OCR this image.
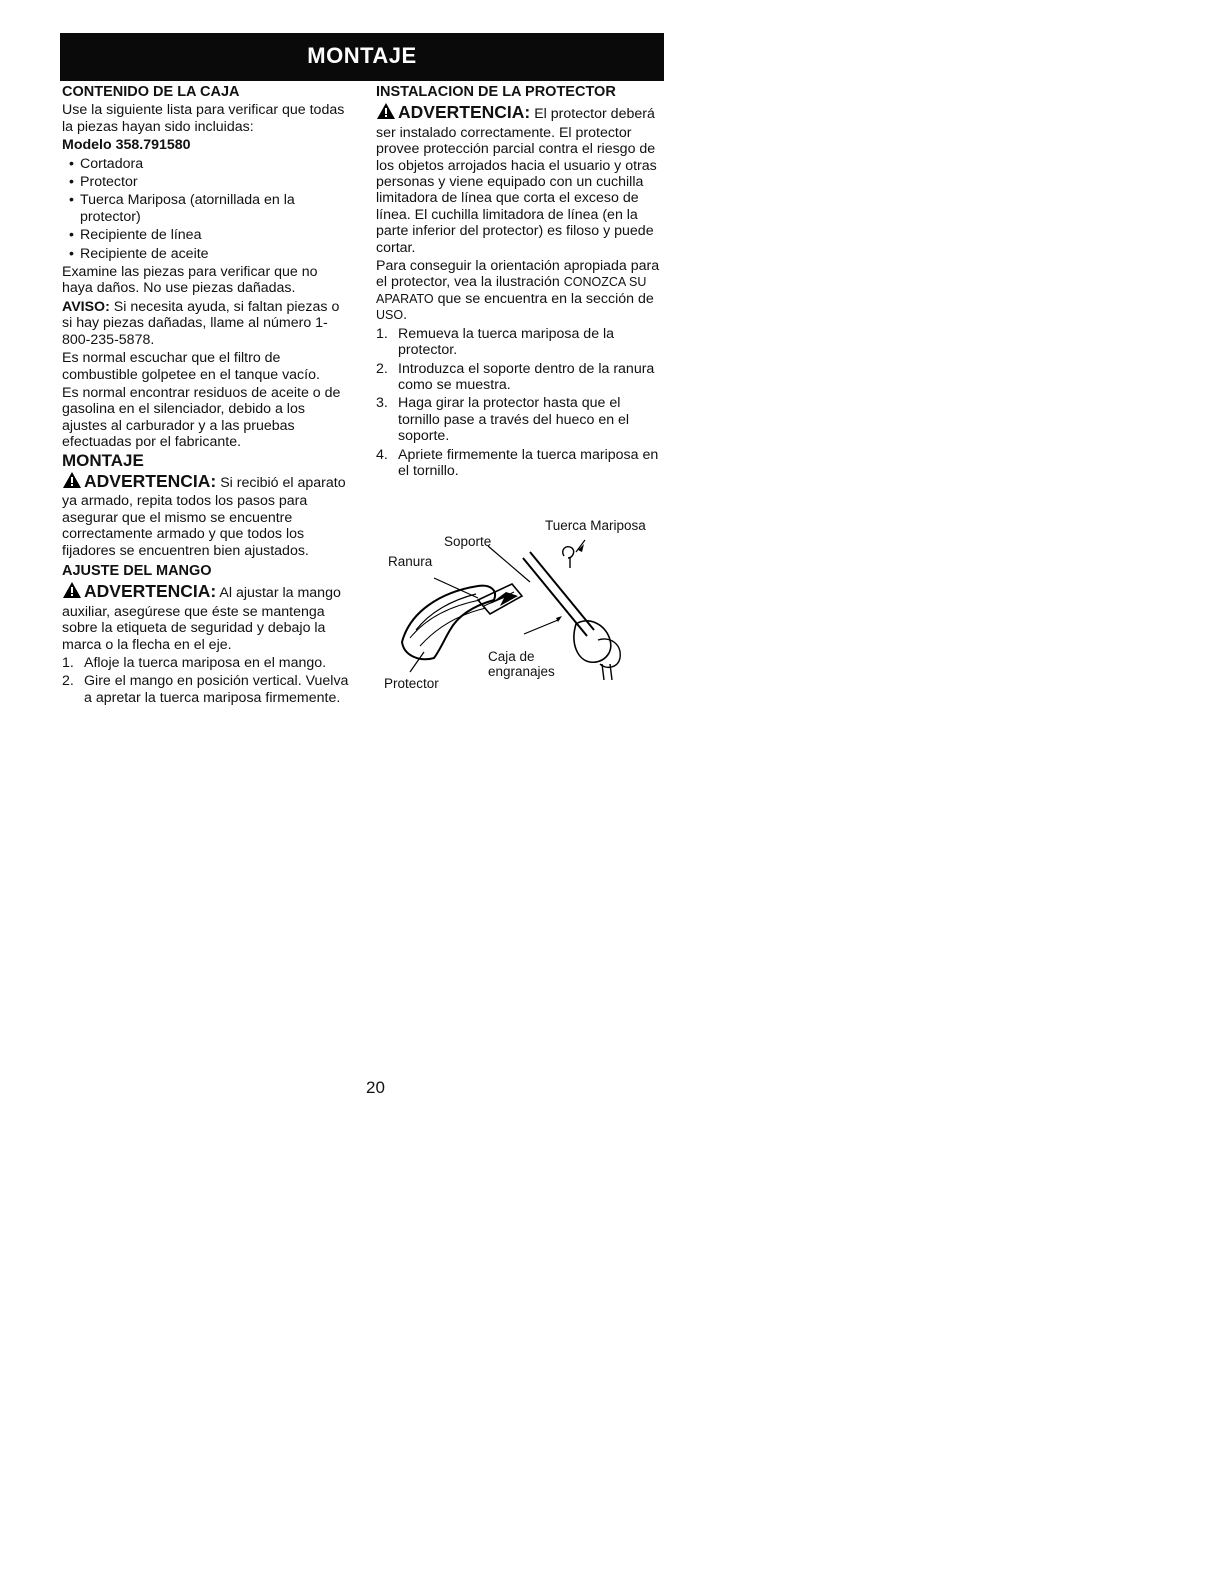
MONTAJE

CONTENIDO DE LA CAJA

Use la siguiente lista para verificar que todas la piezas hayan sido incluidas:

Modelo 358.791580

• Cortadora

• Protector

• Tuerca Mariposa (atornillada en la protector)

• Recipiente de línea

• Recipiente de aceite

Examine las piezas para verificar que no haya daños. No use piezas dañadas.

AVISO: Si necesita ayuda, si faltan piezas o si hay piezas dañadas, llame al número 1-800-235-5878.

Es normal escuchar que el filtro de combustible golpetee en el tanque vacío.

Es normal encontrar residuos de aceite o de gasolina en el silenciador, debido a los ajustes al carburador y a las pruebas efectuadas por el fabricante.

MONTAJE

ADVERTENCIA: Si recibió el aparato ya armado, repita todos los pasos para asegurar que el mismo se encuentre correctamente armado y que todos los fijadores se encuentren bien ajustados.

AJUSTE DEL MANGO

ADVERTENCIA: Al ajustar la mango auxiliar, asegúrese que éste se mantenga sobre la etiqueta de seguridad y debajo la marca o la flecha en el eje.

1. Afloje la tuerca mariposa en el mango.

2. Gire el mango en posición vertical. Vuelva a apretar la tuerca mariposa firmemente.

INSTALACION DE LA PROTECTOR

ADVERTENCIA: El protector deberá ser instalado correctamente. El protector provee protección parcial contra el riesgo de los objetos arrojados hacia el usuario y otras personas y viene equipado con un cuchilla limitadora de línea que corta el exceso de línea. El cuchilla limitadora de línea (en la parte inferior del protector) es filoso y puede cortar.

Para conseguir la orientación apropiada para el protector, vea la ilustración CONOZCA SU APARATO que se encuentra en la sección de USO.

1. Remueva la tuerca mariposa de la protector.

2. Introduzca el soporte dentro de la ranura como se muestra.

3. Haga girar la protector hasta que el tornillo pase a través del hueco en el soporte.

4. Apriete firmemente la tuerca mariposa en el tornillo.

Tuerca Mariposa
Soporte
Ranura
Caja de
engranajes
Protector
20
